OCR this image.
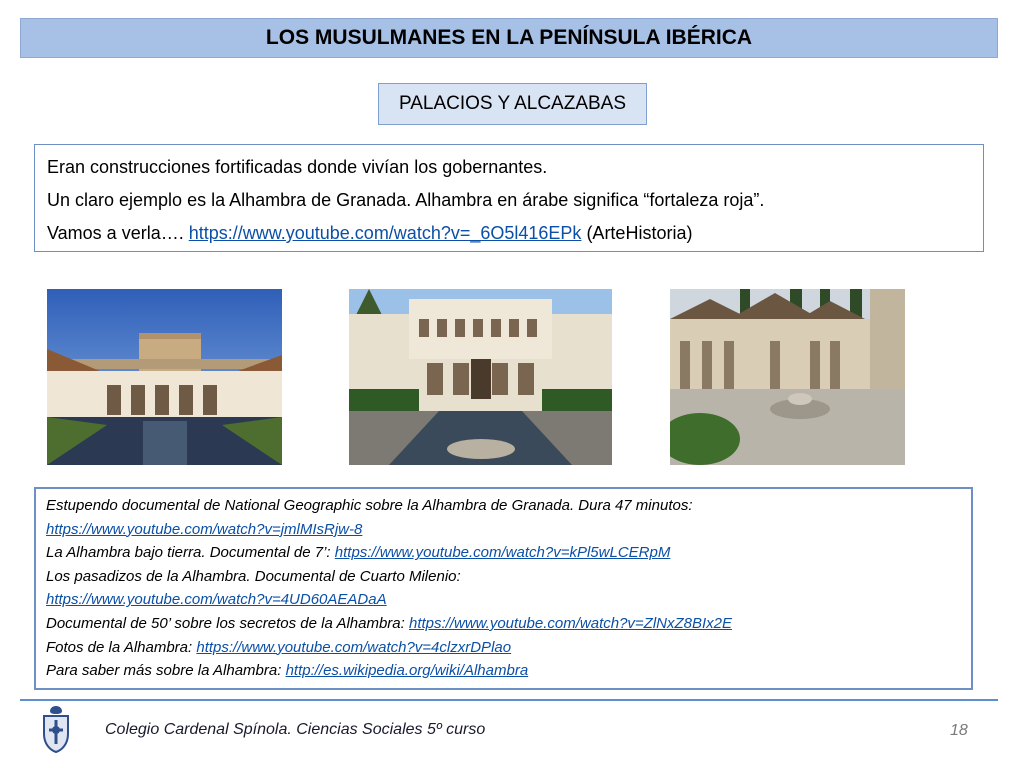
LOS MUSULMANES EN LA PENÍNSULA IBÉRICA
PALACIOS Y ALCAZABAS

Eran construcciones fortificadas donde vivían los gobernantes.

Un claro ejemplo es la Alhambra de Granada. Alhambra en árabe significa “fortaleza roja”.

Vamos a verla…. https://www.youtube.com/watch?v=_6O5l416EPk (ArteHistoria)

Estupendo documental de National Geographic sobre la Alhambra de Granada. Dura 47 minutos:

https://www.youtube.com/watch?v=jmlMIsRjw-8

La Alhambra bajo tierra. Documental de 7’: https://www.youtube.com/watch?v=kPl5wLCERpM

Los pasadizos de la Alhambra. Documental de Cuarto Milenio:

https://www.youtube.com/watch?v=4UD60AEADaA

Documental de 50’ sobre los secretos de la Alhambra: https://www.youtube.com/watch?v=ZlNxZ8BIx2E

Fotos de la Alhambra: https://www.youtube.com/watch?v=4clzxrDPlao

Para saber más sobre la Alhambra: http://es.wikipedia.org/wiki/Alhambra

Colegio Cardenal Spínola. Ciencias Sociales 5º curso	18
